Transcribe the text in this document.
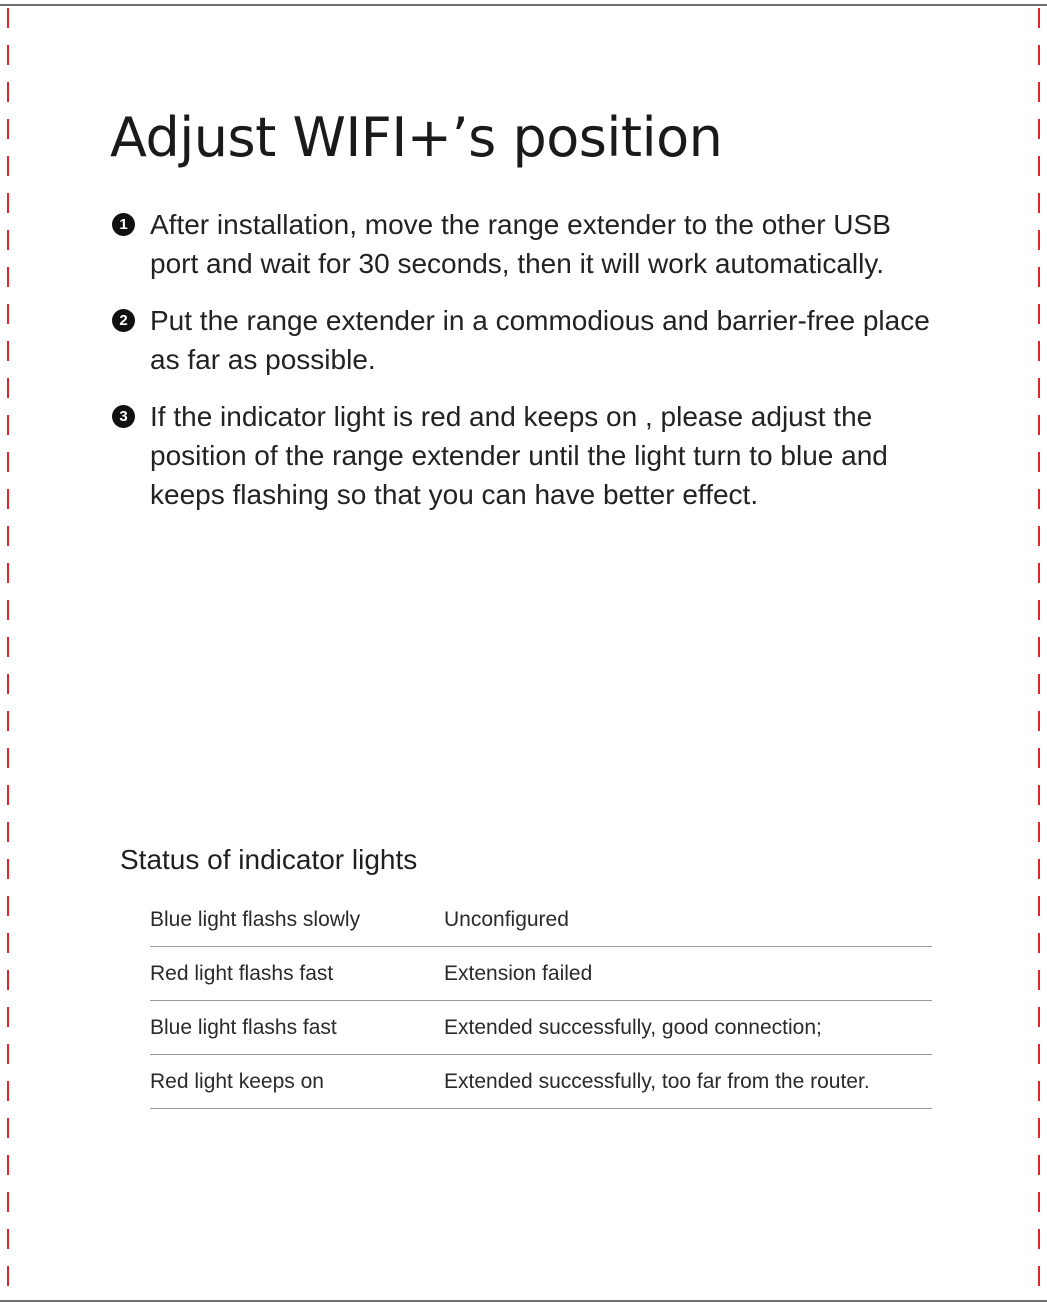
Adjust WIFI+’s position
1 After installation, move the range extender to the other USB port and wait for 30 seconds, then it will work automatically.
2 Put the range extender in a commodious and barrier-free place as far as possible.
3 If the indicator light is red and keeps on , please adjust the position of the range extender until the light turn to blue and keeps flashing so that you can have better effect.
Status of indicator lights
Blue light flashs slowly	Unconfigured
Red light flashs fast	Extension failed
Blue light flashs fast	Extended successfully, good connection;
Red light keeps on	Extended successfully, too far from the router.
